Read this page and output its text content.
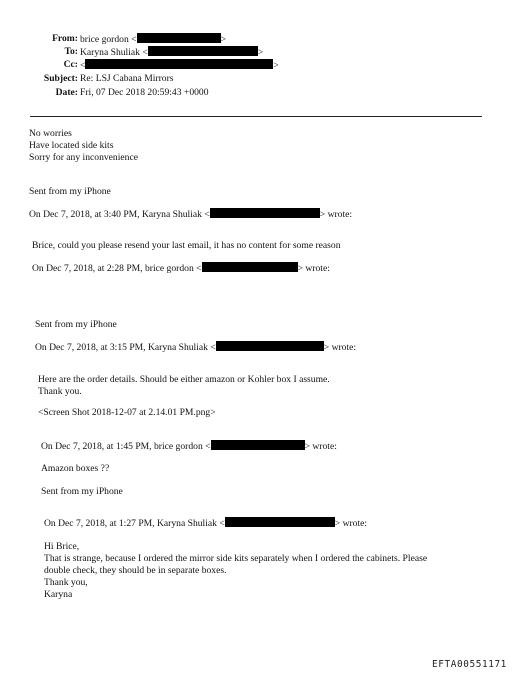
From: brice gordon <	>
To: Karyna Shuliak <	>
Cc: <	>
Subject: Re: LSJ Cabana Mirrors
Date: Fri, 07 Dec 2018 20:59:43 +0000
No worries
Have located side kits
Sorry for any inconvenience
Sent from my iPhone
On Dec 7, 2018, at 3:40 PM, Karyna Shuliak <	> wrote:
Brice, could you please resend your last email, it has no content for some reason
On Dec 7, 2018, at 2:28 PM, brice gordon <	> wrote:
Sent from my iPhone
On Dec 7, 2018, at 3:15 PM, Karyna Shuliak <	> wrote:
Here are the order details. Should be either amazon or Kohler box I assume.
Thank you.
<Screen Shot 2018-12-07 at 2.14.01 PM.png>
On Dec 7, 2018, at 1:45 PM, brice gordon <	> wrote:
Amazon boxes ??
Sent from my iPhone
On Dec 7, 2018, at 1:27 PM, Karyna Shuliak <	> wrote:
Hi Brice,
That is strange, because I ordered the mirror side kits separately when I ordered the cabinets. Please
double check, they should be in separate boxes.
Thank you,
Karyna
EFTA00551171
